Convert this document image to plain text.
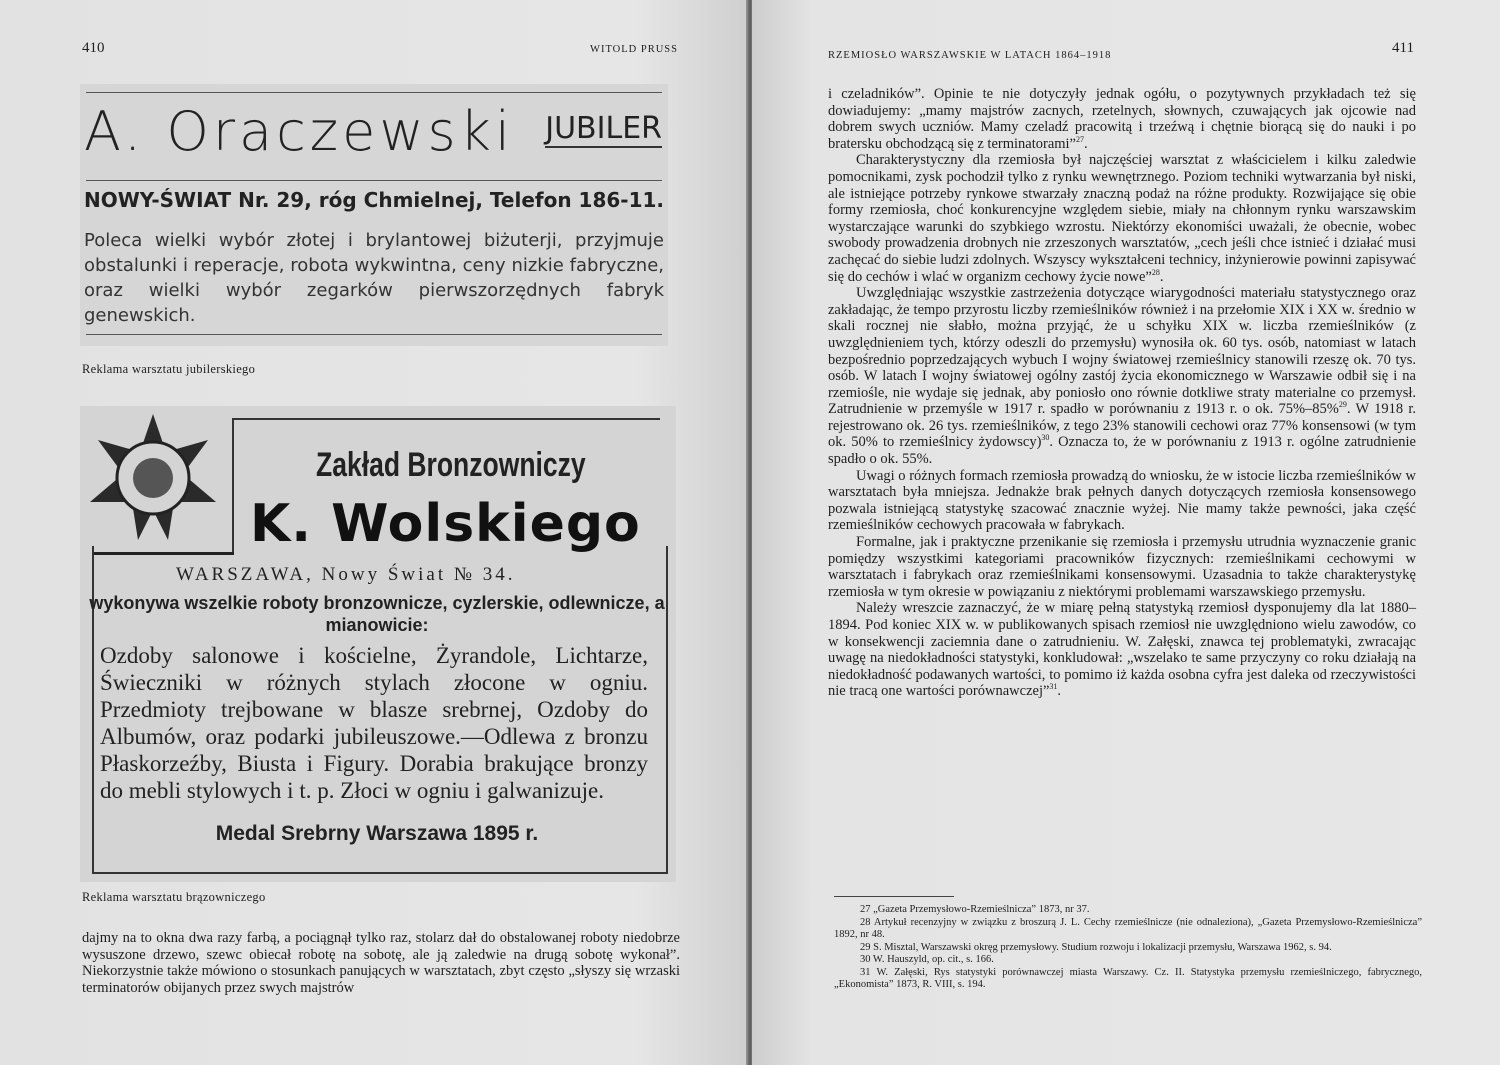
410	WITOLD PRUSS
A. Oraczewski JUBILER
NOWY-ŚWIAT Nr. 29, róg Chmielnej, Telefon 186-11.
Poleca wielki wybór złotej i brylantowej biżuterji, przyjmuje obstalunki i reperacje, robota wykwintna, ceny nizkie fabryczne, oraz wielki wybór zegarków pierwszorzędnych fabryk genewskich.
Reklama warsztatu jubilerskiego
Zakład Bronzowniczy
K. Wolskiego
WARSZAWA, Nowy Świat № 34.
wykonywa wszelkie roboty bronzownicze, cyzlerskie, odlewnicze, a mianowicie:
Ozdoby salonowe i kościelne, Żyrandole, Lichtarze, Świeczniki w różnych stylach złocone w ogniu. Przedmioty trejbowane w blasze srebrnej, Ozdoby do Albumów, oraz podarki jubileuszowe.—Odlewa z bronzu Płaskorzeźby, Biusta i Figury. Dorabia brakujące bronzy do mebli stylowych i t. p. Złoci w ogniu i galwanizuje.
Medal Srebrny Warszawa 1895 r.
Reklama warsztatu brązowniczego

dajmy na to okna dwa razy farbą, a pociągnął tylko raz, stolarz dał do obstalowanej roboty niedobrze wysuszone drzewo, szewc obiecał robotę na sobotę, ale ją zaledwie na drugą sobotę wykonał”. Niekorzystnie także mówiono o stosunkach panujących w warsztatach, zbyt często „słyszy się wrzaski terminatorów obijanych przez swych majstrów

RZEMIOSŁO WARSZAWSKIE W LATACH 1864–1918	411

i czeladników”. Opinie te nie dotyczyły jednak ogółu, o pozytywnych przykładach też się dowiadujemy: „mamy majstrów zacnych, rzetelnych, słownych, czuwających jak ojcowie nad dobrem swych uczniów. Mamy czeladź pracowitą i trzeźwą i chętnie biorącą się do nauki i po bratersku obchodzącą się z terminatorami”$^{27}$.

Charakterystyczny dla rzemiosła był najczęściej warsztat z właścicielem i kilku zaledwie pomocnikami, zysk pochodził tylko z rynku wewnętrznego. Poziom techniki wytwarzania był niski, ale istniejące potrzeby rynkowe stwarzały znaczną podaż na różne produkty. Rozwijające się obie formy rzemiosła, choć konkurencyjne względem siebie, miały na chłonnym rynku warszawskim wystarczające warunki do szybkiego wzrostu. Niektórzy ekonomiści uważali, że obecnie, wobec swobody prowadzenia drobnych nie zrzeszonych warsztatów, „cech jeśli chce istnieć i działać musi zachęcać do siebie ludzi zdolnych. Wszyscy wykształceni technicy, inżynierowie powinni zapisywać się do cechów i wlać w organizm cechowy życie nowe”$^{28}$.

Uwzględniając wszystkie zastrzeżenia dotyczące wiarygodności materiału statystycznego oraz zakładając, że tempo przyrostu liczby rzemieślników również i na przełomie XIX i XX w. średnio w skali rocznej nie słabło, można przyjąć, że u schyłku XIX w. liczba rzemieślników (z uwzględnieniem tych, którzy odeszli do przemysłu) wynosiła ok. 60 tys. osób, natomiast w latach bezpośrednio poprzedzających wybuch I wojny światowej rzemieślnicy stanowili rzeszę ok. 70 tys. osób. W latach I wojny światowej ogólny zastój życia ekonomicznego w Warszawie odbił się i na rzemiośle, nie wydaje się jednak, aby poniosło ono równie dotkliwe straty materialne co przemysł. Zatrudnienie w przemyśle w 1917 r. spadło w porównaniu z 1913 r. o ok. 75%–85%$^{29}$. W 1918 r. rejestrowano ok. 26 tys. rzemieślników, z tego 23% stanowili cechowi oraz 77% konsensowi (w tym ok. 50% to rzemieślnicy żydowscy)$^{30}$. Oznacza to, że w porównaniu z 1913 r. ogólne zatrudnienie spadło o ok. 55%.

Uwagi o różnych formach rzemiosła prowadzą do wniosku, że w istocie liczba rzemieślników w warsztatach była mniejsza. Jednakże brak pełnych danych dotyczących rzemiosła konsensowego pozwala istniejącą statystykę szacować znacznie wyżej. Nie mamy także pewności, jaka część rzemieślników cechowych pracowała w fabrykach.

Formalne, jak i praktyczne przenikanie się rzemiosła i przemysłu utrudnia wyznaczenie granic pomiędzy wszystkimi kategoriami pracowników fizycznych: rzemieślnikami cechowymi w warsztatach i fabrykach oraz rzemieślnikami konsensowymi. Uzasadnia to także charakterystykę rzemiosła w tym okresie w powiązaniu z niektórymi problemami warszawskiego przemysłu.

Należy wreszcie zaznaczyć, że w miarę pełną statystyką rzemiosł dysponujemy dla lat 1880–1894. Pod koniec XIX w. w publikowanych spisach rzemiosł nie uwzględniono wielu zawodów, co w konsekwencji zaciemnia dane o zatrudnieniu. W. Załęski, znawca tej problematyki, zwracając uwagę na niedokładności statystyki, konkludował: „wszelako te same przyczyny co roku działają na niedokładność podawanych wartości, to pomimo iż każda osobna cyfra jest daleka od rzeczywistości nie tracą one wartości porównawczej”$^{31}$.

27 „Gazeta Przemysłowo-Rzemieślnicza” 1873, nr 37.

28 Artykuł recenzyjny w związku z broszurą J. L. Cechy rzemieślnicze (nie odnaleziona), „Gazeta Przemysłowo-Rzemieślnicza” 1892, nr 48.

29 S. Misztal, Warszawski okręg przemysłowy. Studium rozwoju i lokalizacji przemysłu, Warszawa 1962, s. 94.

30 W. Hauszyld, op. cit., s. 166.

31 W. Załęski, Rys statystyki porównawczej miasta Warszawy. Cz. II. Statystyka przemysłu rzemieślniczego, fabrycznego, „Ekonomista” 1873, R. VIII, s. 194.
